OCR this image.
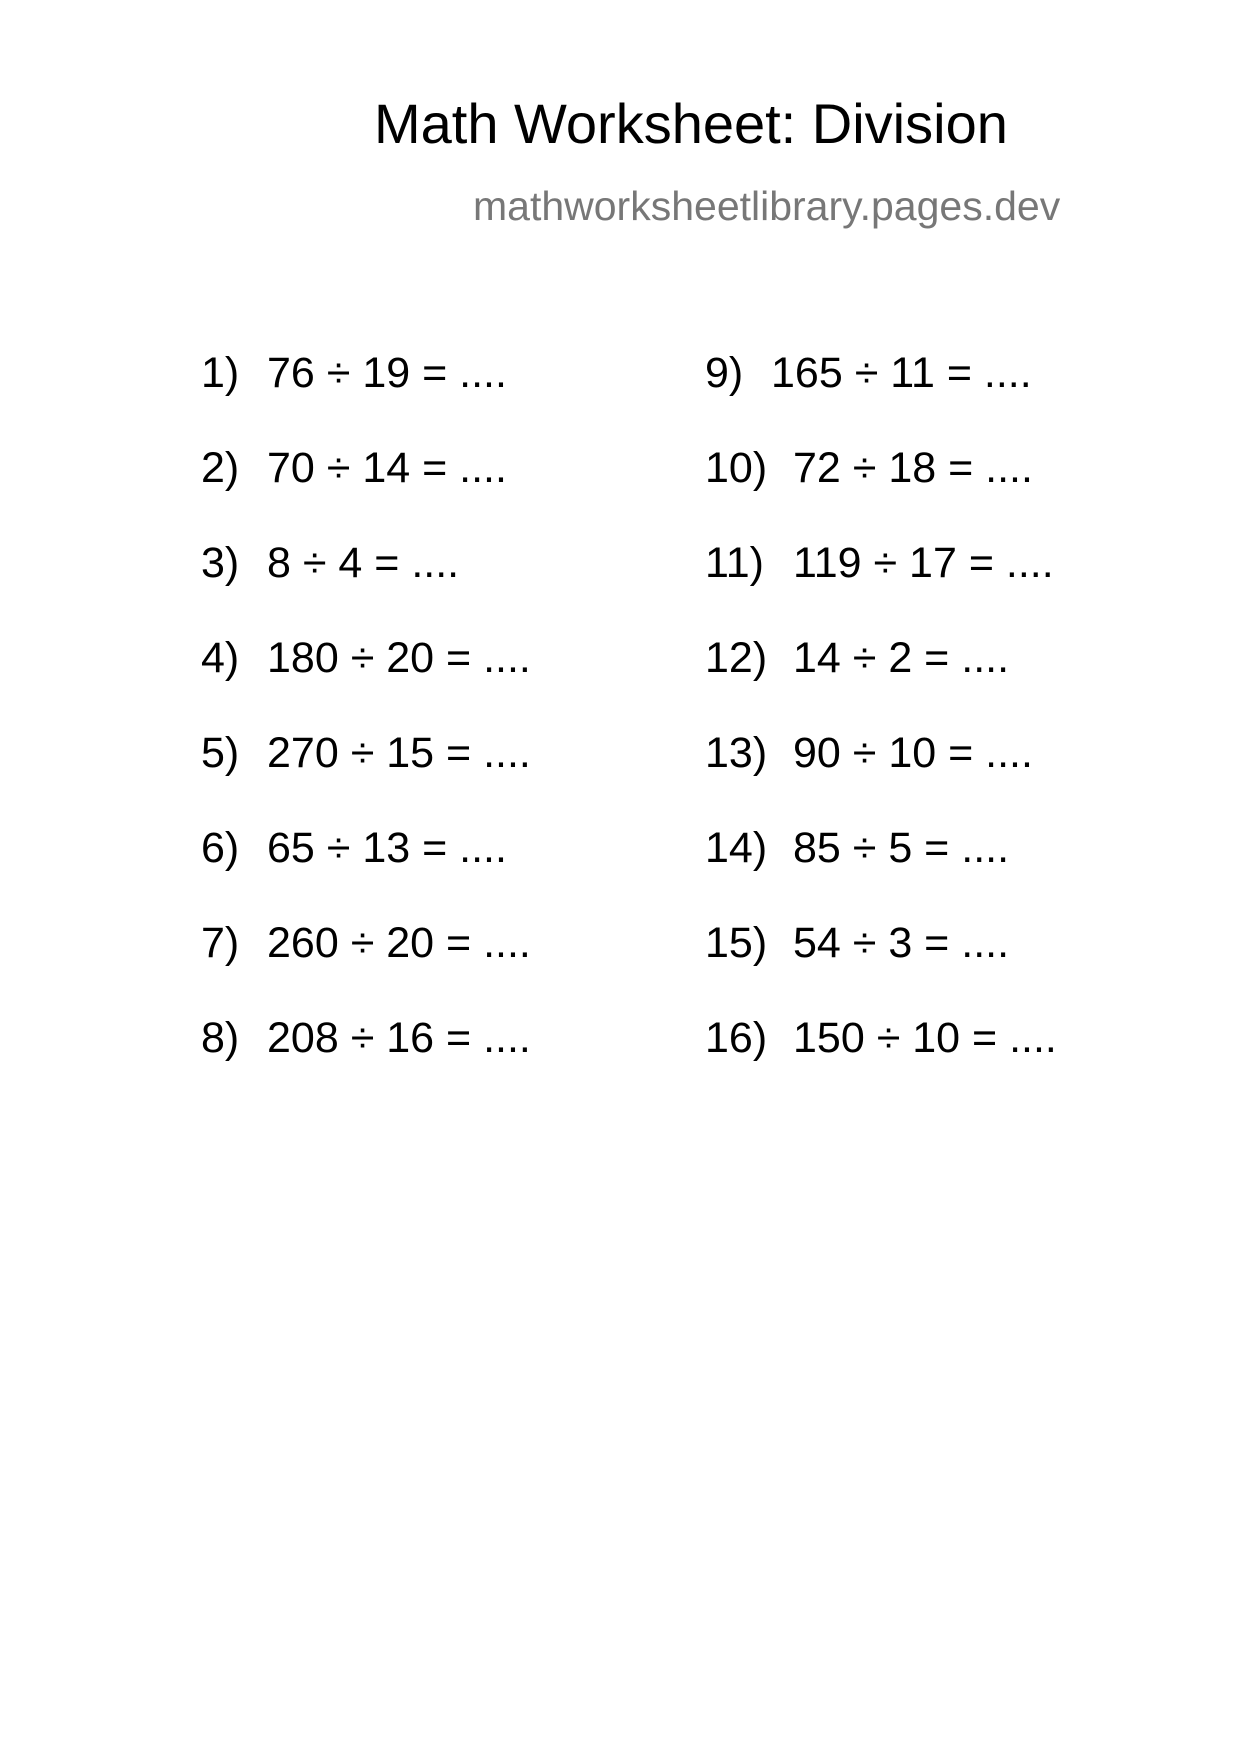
Math Worksheet: Division
mathworksheetlibrary.pages.dev
1) 76 ÷ 19 = ....
2) 70 ÷ 14 = ....
3) 8 ÷ 4 = ....
4) 180 ÷ 20 = ....
5) 270 ÷ 15 = ....
6) 65 ÷ 13 = ....
7) 260 ÷ 20 = ....
8) 208 ÷ 16 = ....
9) 165 ÷ 11 = ....
10) 72 ÷ 18 = ....
11) 119 ÷ 17 = ....
12) 14 ÷ 2 = ....
13) 90 ÷ 10 = ....
14) 85 ÷ 5 = ....
15) 54 ÷ 3 = ....
16) 150 ÷ 10 = ....
